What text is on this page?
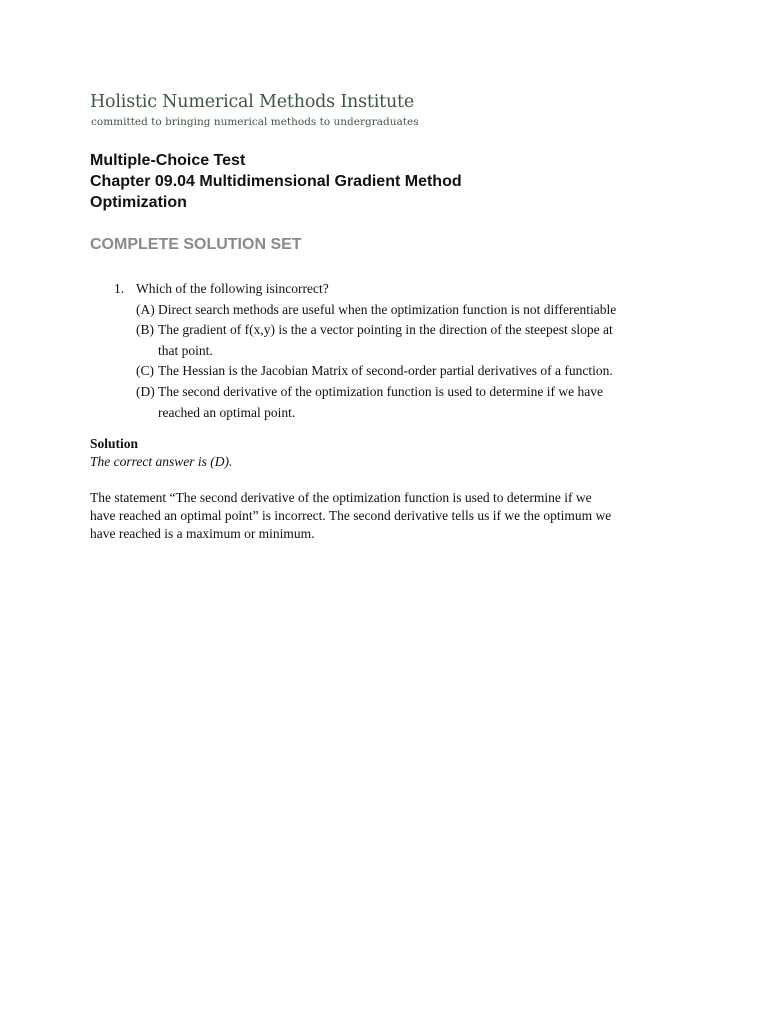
Holistic Numerical Methods Institute
committed to bringing numerical methods to undergraduates
Multiple-Choice Test
Chapter 09.04 Multidimensional Gradient Method
Optimization
COMPLETE SOLUTION SET
1. Which of the following isincorrect?
(A) Direct search methods are useful when the optimization function is not differentiable
(B) The gradient of f(x,y) is the a vector pointing in the direction of the steepest slope at
that point.
(C) The Hessian is the Jacobian Matrix of second-order partial derivatives of a function.
(D) The second derivative of the optimization function is used to determine if we have
reached an optimal point.
Solution
The correct answer is (D).
The statement “The second derivative of the optimization function is used to determine if we
have reached an optimal point” is incorrect. The second derivative tells us if we the optimum we
have reached is a maximum or minimum.
